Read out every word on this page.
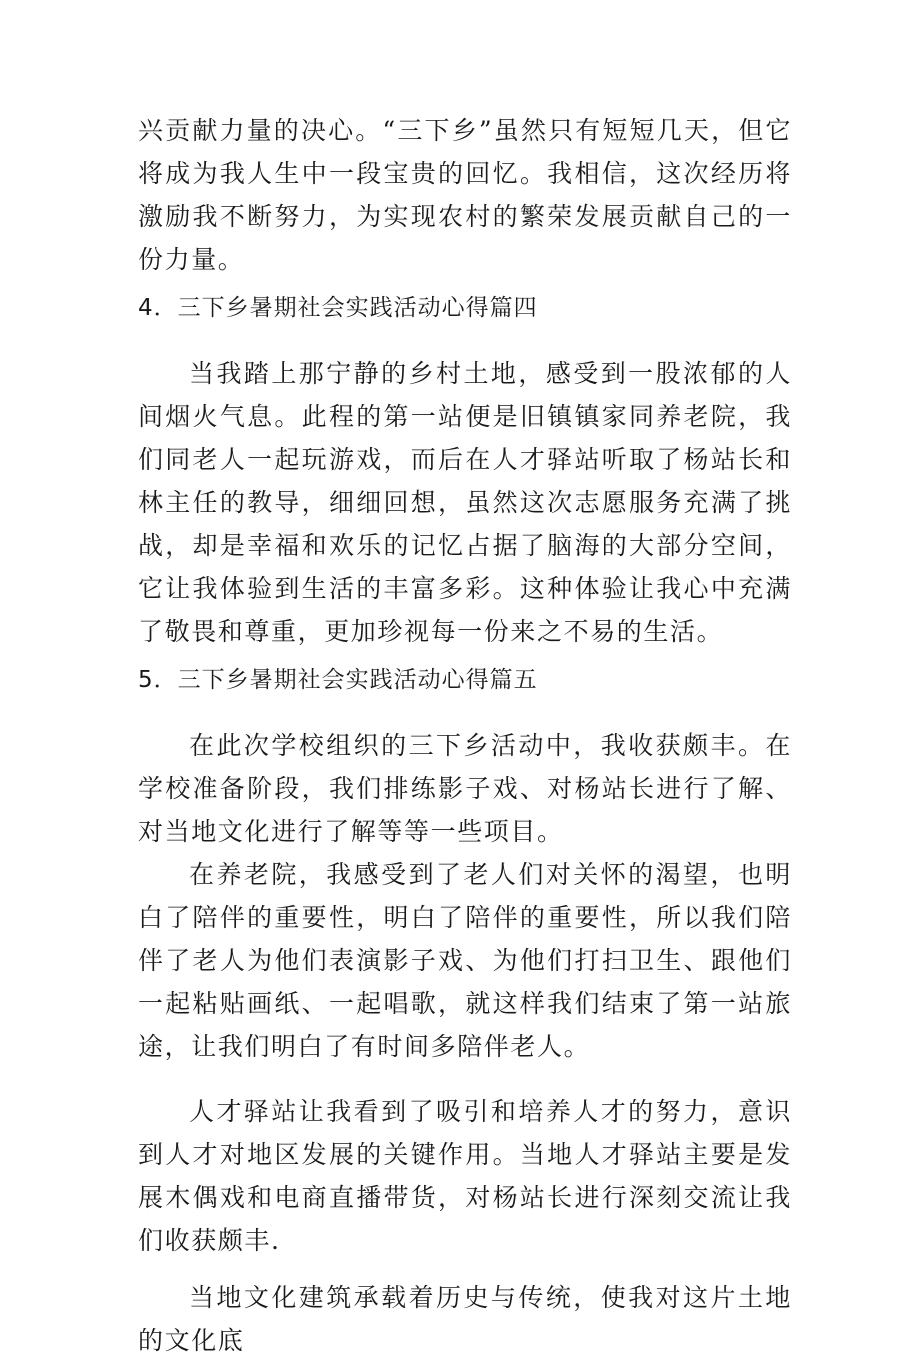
兴贡献力量的决心。“三下乡”虽然只有短短几天，但它将成为我人生中一段宝贵的回忆。我相信，这次经历将激励我不断努力，为实现农村的繁荣发展贡献自己的一份力量。

4．三下乡暑期社会实践活动心得篇四

当我踏上那宁静的乡村土地，感受到一股浓郁的人间烟火气息。此程的第一站便是旧镇镇家同养老院，我们同老人一起玩游戏，而后在人才驿站听取了杨站长和林主任的教导，细细回想，虽然这次志愿服务充满了挑战，却是幸福和欢乐的记忆占据了脑海的大部分空间，它让我体验到生活的丰富多彩。这种体验让我心中充满了敬畏和尊重，更加珍视每一份来之不易的生活。

5．三下乡暑期社会实践活动心得篇五

在此次学校组织的三下乡活动中，我收获颇丰。在学校准备阶段，我们排练影子戏、对杨站长进行了解、对当地文化进行了解等等一些项目。

在养老院，我感受到了老人们对关怀的渴望，也明白了陪伴的重要性，明白了陪伴的重要性，所以我们陪伴了老人为他们表演影子戏、为他们打扫卫生、跟他们一起粘贴画纸、一起唱歌，就这样我们结束了第一站旅途，让我们明白了有时间多陪伴老人。

人才驿站让我看到了吸引和培养人才的努力，意识到人才对地区发展的关键作用。当地人才驿站主要是发展木偶戏和电商直播带货，对杨站长进行深刻交流让我们收获颇丰.

当地文化建筑承载着历史与传统，使我对这片土地的文化底
